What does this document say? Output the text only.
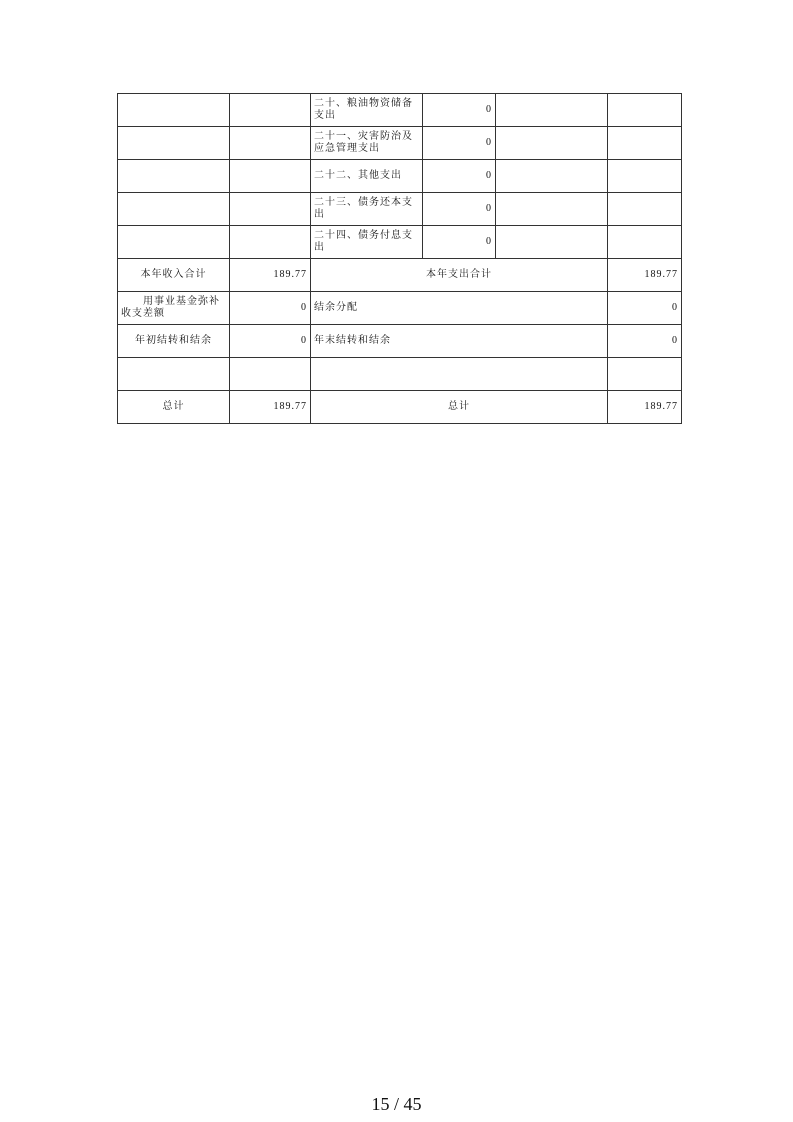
		二十、粮油物资储备支出	0		
		二十一、灾害防治及应急管理支出	0		
		二十二、其他支出	0		
		二十三、债务还本支出	0		
		二十四、债务付息支出	0		
本年收入合计	189.77	本年支出合计			189.77
用事业基金弥补收支差额	0	结余分配			0
年初结转和结余	0	年末结转和结余			0

总计	189.77	总计			189.77
15 / 45
